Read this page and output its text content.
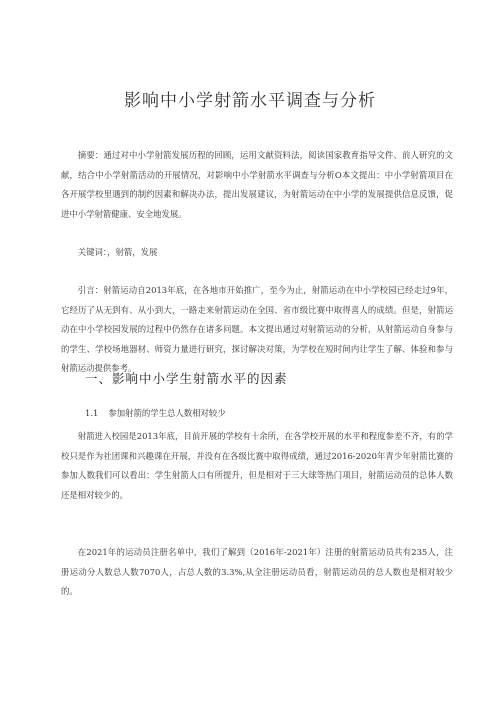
影响中小学射箭水平调查与分析
摘要：通过对中小学射箭发展历程的回顾，运用文献资料法，阅读国家教育指导文件、前人研究的文献，结合中小学射箭活动的开展情况，对影响中小学射箭水平调查与分析O本文提出：中小学射箭项目在各开展学校里遇到的制约因素和解决办法，提出发展建议，为射箭运动在中小学的发展提供信息反馈，促进中小学射箭健康、安全地发展。
关键词：，射箭，发展
引言：射箭运动自2013年底，在各地市开始推广，至今为止，射箭运动在中小学校园已经走过9年，它经历了从无到有、从小到大，一路走来射箭运动在全国、省市级比赛中取得喜人的成绩。但是，射箭运动在中小学校园发展的过程中仍然存在诸多问题。本文提出通过对射箭运动的分析，从射箭运动自身参与的学生、学校场地器材、师资力量进行研究，探讨解决对策，为学校在短时间内让学生了解、体验和参与射箭运动提供参考。
一、影响中小学生射箭水平的因素
1.1 参加射箭的学生总人数相对较少
射箭进入校园是2013年底，目前开展的学校有十余所，在各学校开展的水平和程度参差不齐，有的学校只是作为社团课和兴趣课在开展，并没有在各级比赛中取得成绩，通过2016-2020年青少年射箭比赛的参加人数我们可以看出：学生射箭人口有所提升，但是相对于三大球等热门项目，射箭运动员的总体人数还是相对较少的。
在2021年的运动员注册名单中，我们了解到（2016年-2021年）注册的射箭运动员共有235人，注册运动分人数总人数7070人，占总人数的3.3%,从全注册运动员看，射箭运动员的总人数也是相对较少的。
